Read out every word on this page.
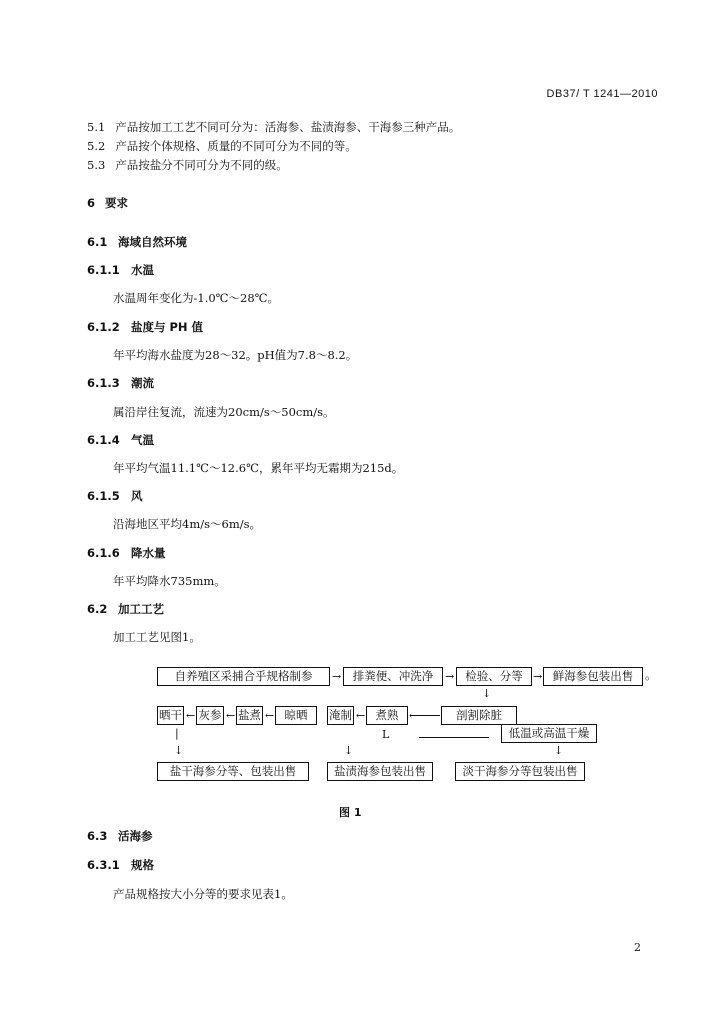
DB37/ T 1241—2010
5.1 产品按加工工艺不同可分为：活海参、盐渍海参、干海参三种产品。
5.2 产品按个体规格、质量的不同可分为不同的等。
5.3 产品按盐分不同可分为不同的级。
6 要求
6.1 海域自然环境
6.1.1 水温
水温周年变化为-1.0℃～28℃。
6.1.2 盐度与 PH 值
年平均海水盐度为28～32。pH值为7.8～8.2。
6.1.3 潮流
属沿岸往复流，流速为20cm/s～50cm/s。
6.1.4 气温
年平均气温11.1℃～12.6℃，累年平均无霜期为215d。
6.1.5 风
沿海地区平均4m/s～6m/s。
6.1.6 降水量
年平均降水735mm。
6.2 加工工艺
加工工艺见图1。
自养殖区采捕合乎规格制参	→	排粪便、冲洗净	→ 检验、分等 → 鲜海参包装出售 。
↓
晒干 ← 灰参 ← 盐煮 ← 晾晒	淹制 ← 煮熟 ←	剖割除脏
|	L	低温或高温干燥
↓	↓	↓
盐干海参分等、包装出售	盐渍海参包装出售	淡干海参分等包装出售
图 1
6.3 活海参
6.3.1 规格
产品规格按大小分等的要求见表1。
2
